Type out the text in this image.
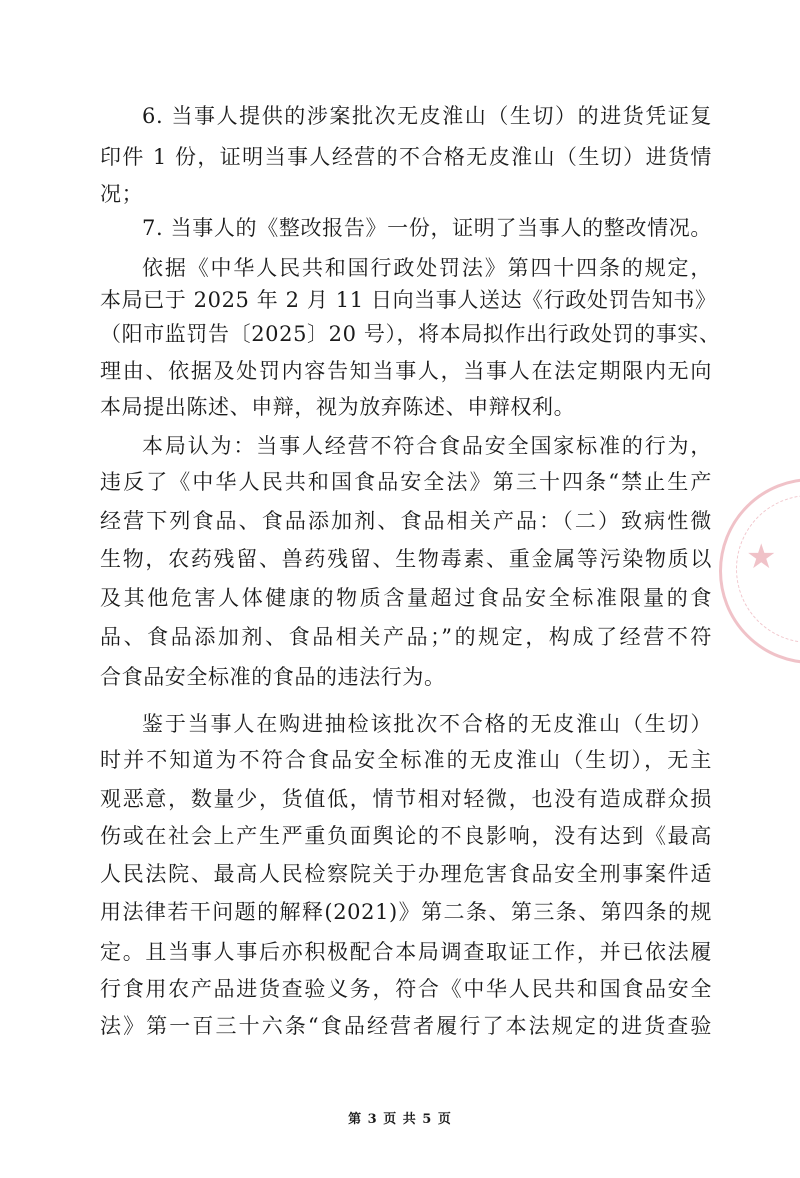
6. 当事人提供的涉案批次无皮淮山（生切）的进货凭证复
印件 1 份，证明当事人经营的不合格无皮淮山（生切）进货情
况；
7. 当事人的《整改报告》一份，证明了当事人的整改情况。
依据《中华人民共和国行政处罚法》第四十四条的规定，
本局已于 2025 年 2 月 11 日向当事人送达《行政处罚告知书》
（阳市监罚告〔2025〕20 号），将本局拟作出行政处罚的事实、
理由、依据及处罚内容告知当事人，当事人在法定期限内无向
本局提出陈述、申辩，视为放弃陈述、申辩权利。
本局认为：当事人经营不符合食品安全国家标准的行为，
违反了《中华人民共和国食品安全法》第三十四条“禁止生产
经营下列食品、食品添加剂、食品相关产品：（二）致病性微
生物，农药残留、兽药残留、生物毒素、重金属等污染物质以
及其他危害人体健康的物质含量超过食品安全标准限量的食
品、食品添加剂、食品相关产品；”的规定，构成了经营不符
合食品安全标准的食品的违法行为。
鉴于当事人在购进抽检该批次不合格的无皮淮山（生切）
时并不知道为不符合食品安全标准的无皮淮山（生切），无主
观恶意，数量少，货值低，情节相对轻微，也没有造成群众损
伤或在社会上产生严重负面舆论的不良影响，没有达到《最高
人民法院、最高人民检察院关于办理危害食品安全刑事案件适
用法律若干问题的解释(2021)》第二条、第三条、第四条的规
定。且当事人事后亦积极配合本局调查取证工作，并已依法履
行食用农产品进货查验义务，符合《中华人民共和国食品安全
法》第一百三十六条“食品经营者履行了本法规定的进货查验
★
第 3 页 共 5 页
